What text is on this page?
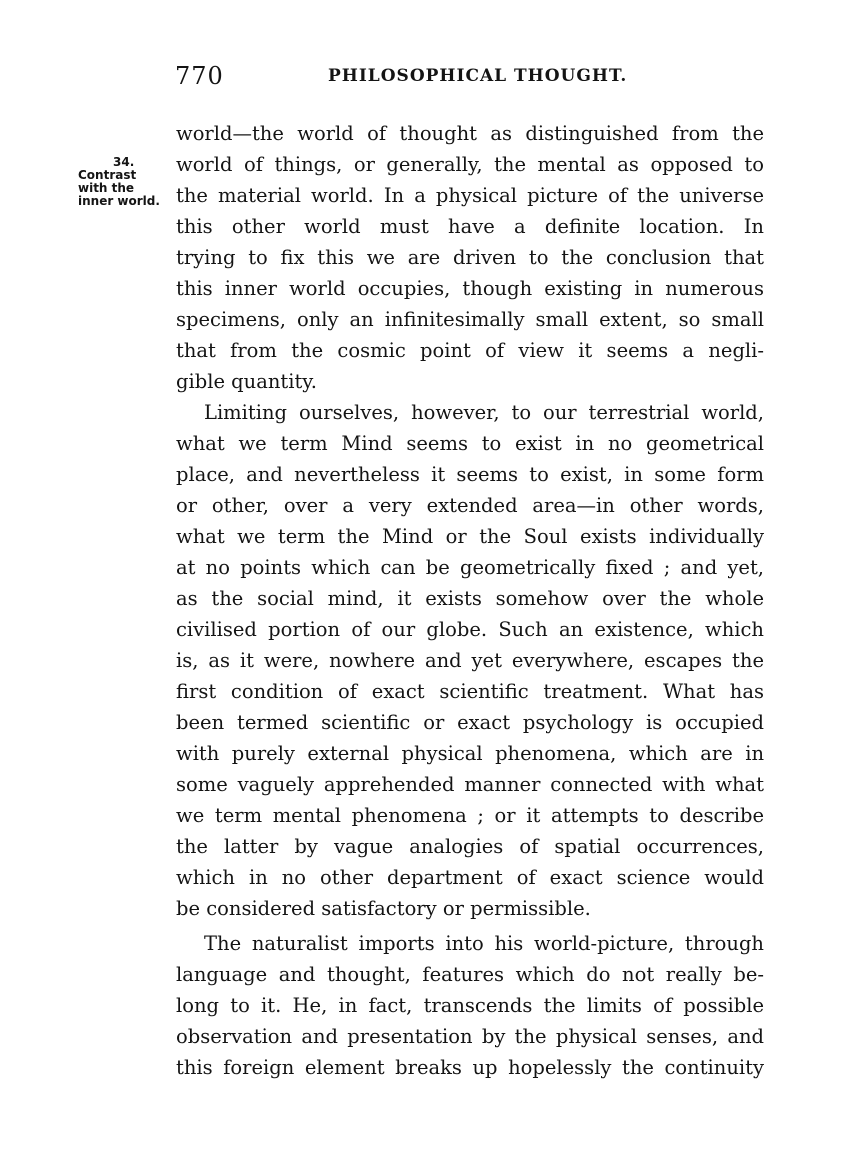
770	PHILOSOPHICAL THOUGHT.
34.
Contrast
with the
inner world.
world—the world of thought as distinguished from the
world of things, or generally, the mental as opposed to
the material world. In a physical picture of the universe
this other world must have a definite location. In
trying to fix this we are driven to the conclusion that
this inner world occupies, though existing in numerous
specimens, only an infinitesimally small extent, so small
that from the cosmic point of view it seems a negli-
gible quantity.
Limiting ourselves, however, to our terrestrial world,
what we term Mind seems to exist in no geometrical
place, and nevertheless it seems to exist, in some form
or other, over a very extended area—in other words,
what we term the Mind or the Soul exists individually
at no points which can be geometrically fixed ; and yet,
as the social mind, it exists somehow over the whole
civilised portion of our globe. Such an existence, which
is, as it were, nowhere and yet everywhere, escapes the
first condition of exact scientific treatment. What has
been termed scientific or exact psychology is occupied
with purely external physical phenomena, which are in
some vaguely apprehended manner connected with what
we term mental phenomena ; or it attempts to describe
the latter by vague analogies of spatial occurrences,
which in no other department of exact science would
be considered satisfactory or permissible.
The naturalist imports into his world-picture, through
language and thought, features which do not really be-
long to it. He, in fact, transcends the limits of possible
observation and presentation by the physical senses, and
this foreign element breaks up hopelessly the continuity
